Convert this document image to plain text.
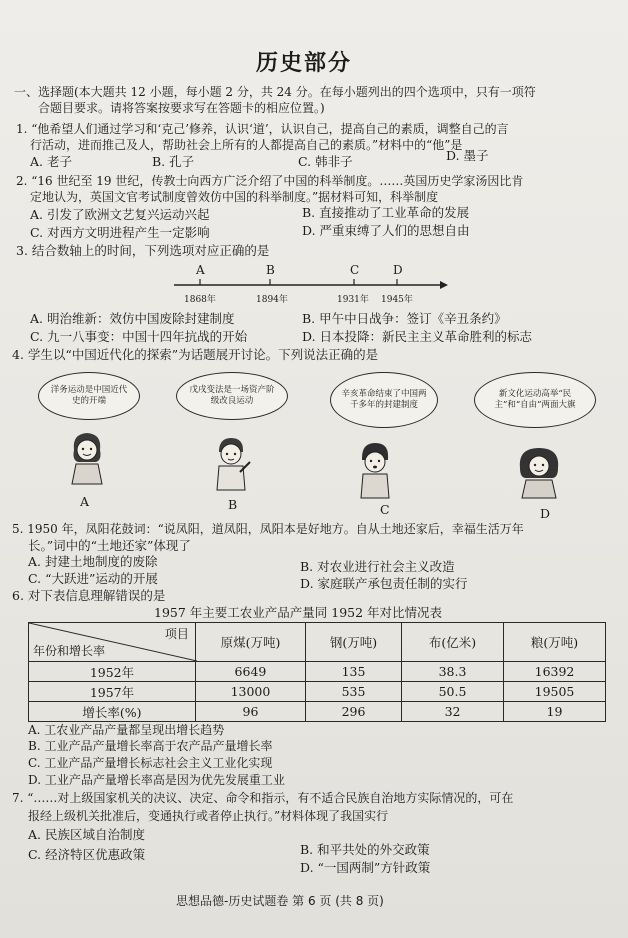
历史部分
一、选择题(本大题共 12 小题，每小题 2 分，共 24 分。在每小题列出的四个选项中，只有一项符
合题目要求。请将答案按要求写在答题卡的相应位置。)
1. “他希望人们通过学习和‘克己’修养，认识‘道’，认识自己，提高自己的素质，调整自己的言
行活动，进而推己及人，帮助社会上所有的人都提高自己的素质。”材料中的“他”是
A. 老子	B. 孔子	C. 韩非子	D. 墨子
2. “16 世纪至 19 世纪，传教士向西方广泛介绍了中国的科举制度。……英国历史学家汤因比肯
定地认为，英国文官考试制度曾效仿中国的科举制度。”据材料可知，科举制度
A. 引发了欧洲文艺复兴运动兴起	B. 直接推动了工业革命的发展
C. 对西方文明进程产生一定影响	D. 严重束缚了人们的思想自由
3. 结合数轴上的时间，下列选项对应正确的是
A	B	C	D
1868年	1894年	1931年 1945年
A. 明治维新：效仿中国废除封建制度	B. 甲午中日战争：签订《辛丑条约》
C. 九一八事变：中国十四年抗战的开始	D. 日本投降：新民主主义革命胜利的标志
4. 学生以“中国近代化的探索”为话题展开讨论。下列说法正确的是
洋务运动是中国近代史的开端
戊戌变法是一场资产阶级改良运动
辛亥革命结束了中国两千多年的封建制度
新文化运动高举“民主”和“自由”两面大旗
A	B	C	D
5. 1950 年，凤阳花鼓词：“说凤阳，道凤阳，凤阳本是好地方。自从土地还家后，幸福生活万年
长。”词中的“土地还家”体现了
A. 封建土地制度的废除	B. 对农业进行社会主义改造
C. “大跃进”运动的开展	D. 家庭联产承包责任制的实行
6. 对下表信息理解错误的是
1957 年主要工农业产品产量同 1952 年对比情况表
项目
年份和增长率	原煤(万吨)	钢(万吨)	布(亿米)	粮(万吨)
1952年	6649	135	38.3	16392
1957年	13000	535	50.5	19505
增长率(%)	96	296	32	19
A. 工农业产品产量都呈现出增长趋势
B. 工业产品产量增长率高于农产品产量增长率
C. 工业产品产量增长标志社会主义工业化实现
D. 工业产品产量增长率高是因为优先发展重工业
7. “……对上级国家机关的决议、决定、命令和指示，有不适合民族自治地方实际情况的，可在
报经上级机关批准后，变通执行或者停止执行。”材料体现了我国实行
A. 民族区域自治制度
B. 和平共处的外交政策
C. 经济特区优惠政策
D. “一国两制”方针政策
思想品德-历史试题卷 第 6 页 (共 8 页)
